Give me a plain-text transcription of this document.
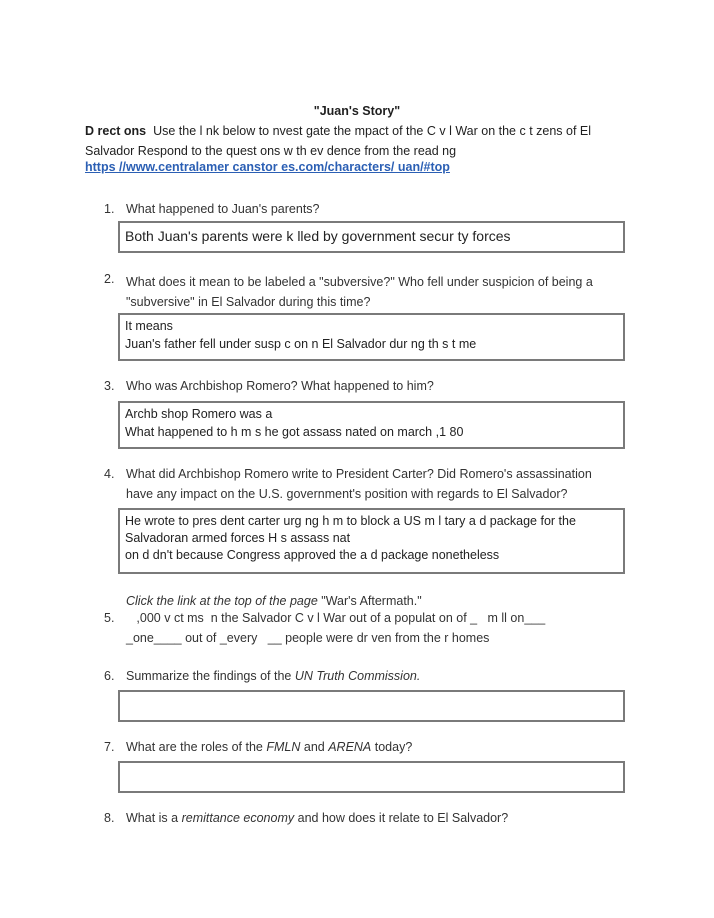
"Juan's Story"
D rect ons Use the l nk below to nvest gate the mpact of the C v l War on the c t zens of El
Salvador Respond to the quest ons w th ev dence from the read ng
https //www.centralamer canstor es.com/characters/ uan/#top
1. What happened to Juan's parents?
Both Juan's parents were k lled by government secur ty forces
2. What does it mean to be labeled a "subversive?" Who fell under suspicion of being a
"subversive" in El Salvador during this time?
It means
Juan's father fell under susp c on n El Salvador dur ng th s t me
3. Who was Archbishop Romero? What happened to him?
Archb shop Romero was a
What happened to h m s he got assass nated on march ,1 80
4. What did Archbishop Romero write to President Carter? Did Romero's assassination
have any impact on the U.S. government's position with regards to El Salvador?
He wrote to pres dent carter urg ng h m to block a US m l tary a d package for the
Salvadoran armed forces H s assass nat
on d dn't because Congress approved the a d package nonetheless
Click the link at the top of the page "War's Aftermath."
5. ,000 v ct ms  n the Salvador C v l War out of a populat on of _   m ll on___
_one____ out of _every   __ people were dr ven from the r homes
6. Summarize the findings of the UN Truth Commission.
7. What are the roles of the FMLN and ARENA today?
8. What is a remittance economy and how does it relate to El Salvador?
